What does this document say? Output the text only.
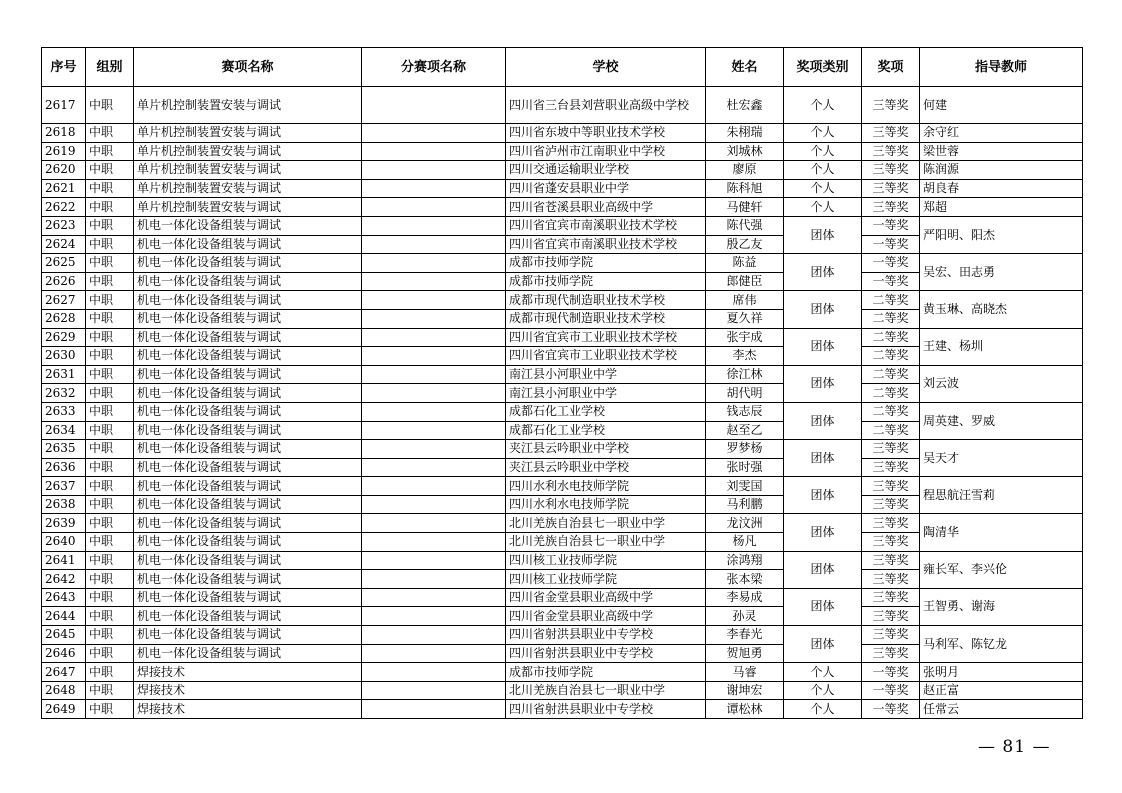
序号	组别	赛项名称	分赛项名称	学校	姓名	奖项类别	奖项	指导教师
2617	中职	单片机控制装置安装与调试		四川省三台县刘营职业高级中学校	杜宏鑫	个人	三等奖	何建
2618	中职	单片机控制装置安装与调试		四川省东坡中等职业技术学校	朱栩瑞	个人	三等奖	余守红
2619	中职	单片机控制装置安装与调试		四川省泸州市江南职业中学校	刘城林	个人	三等奖	梁世蓉
2620	中职	单片机控制装置安装与调试		四川交通运输职业学校	廖原	个人	三等奖	陈润源
2621	中职	单片机控制装置安装与调试		四川省蓬安县职业中学	陈科旭	个人	三等奖	胡良春
2622	中职	单片机控制装置安装与调试		四川省苍溪县职业高级中学	马健轩	个人	三等奖	郑超
2623	中职	机电一体化设备组装与调试		四川省宜宾市南溪职业技术学校	陈代强	团体	一等奖	严阳明、阳杰
2624	中职	机电一体化设备组装与调试		四川省宜宾市南溪职业技术学校	殷乙友		一等奖	
2625	中职	机电一体化设备组装与调试		成都市技师学院	陈益	团体	一等奖	吴宏、田志勇
2626	中职	机电一体化设备组装与调试		成都市技师学院	郎健臣		一等奖	
2627	中职	机电一体化设备组装与调试		成都市现代制造职业技术学校	席伟	团体	二等奖	黄玉琳、高晓杰
2628	中职	机电一体化设备组装与调试		成都市现代制造职业技术学校	夏久祥		二等奖	
2629	中职	机电一体化设备组装与调试		四川省宜宾市工业职业技术学校	张宇成	团体	二等奖	王建、杨圳
2630	中职	机电一体化设备组装与调试		四川省宜宾市工业职业技术学校	李杰		二等奖	
2631	中职	机电一体化设备组装与调试		南江县小河职业中学	徐江林	团体	二等奖	刘云波
2632	中职	机电一体化设备组装与调试		南江县小河职业中学	胡代明		二等奖	
2633	中职	机电一体化设备组装与调试		成都石化工业学校	钱志辰	团体	二等奖	周英建、罗威
2634	中职	机电一体化设备组装与调试		成都石化工业学校	赵至乙		二等奖	
2635	中职	机电一体化设备组装与调试		夹江县云吟职业中学校	罗梦杨	团体	三等奖	吴天才
2636	中职	机电一体化设备组装与调试		夹江县云吟职业中学校	张时强		三等奖	
2637	中职	机电一体化设备组装与调试		四川水利水电技师学院	刘雯国	团体	三等奖	程思航汪雪莉
2638	中职	机电一体化设备组装与调试		四川水利水电技师学院	马利鹏		三等奖	
2639	中职	机电一体化设备组装与调试		北川羌族自治县七一职业中学	龙汶洲	团体	三等奖	陶清华
2640	中职	机电一体化设备组装与调试		北川羌族自治县七一职业中学	杨凡		三等奖	
2641	中职	机电一体化设备组装与调试		四川核工业技师学院	涂鸿翔	团体	三等奖	雍长军、李兴伦
2642	中职	机电一体化设备组装与调试		四川核工业技师学院	张本梁		三等奖	
2643	中职	机电一体化设备组装与调试		四川省金堂县职业高级中学	李易成	团体	三等奖	王智勇、谢海
2644	中职	机电一体化设备组装与调试		四川省金堂县职业高级中学	孙灵		三等奖	
2645	中职	机电一体化设备组装与调试		四川省射洪县职业中专学校	李春光	团体	三等奖	马利军、陈钇龙
2646	中职	机电一体化设备组装与调试		四川省射洪县职业中专学校	贺旭勇		三等奖	
2647	中职	焊接技术		成都市技师学院	马睿	个人	一等奖	张明月
2648	中职	焊接技术		北川羌族自治县七一职业中学	谢坤宏	个人	一等奖	赵正富
2649	中职	焊接技术		四川省射洪县职业中专学校	谭松林	个人	一等奖	任常云
— 81 —
